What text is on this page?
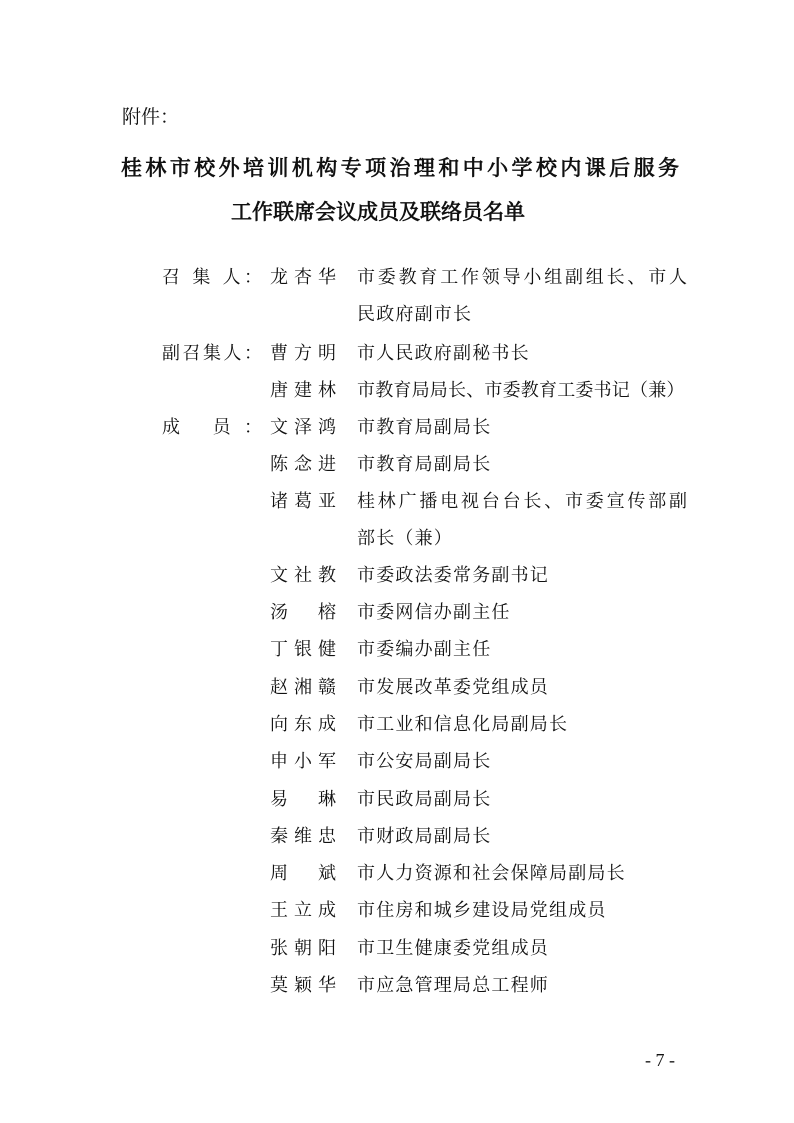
附件：
桂林市校外培训机构专项治理和中小学校内课后服务
工作联席会议成员及联络员名单
召 集 人： 龙杏华 市委教育工作领导小组副组长、市人
民政府副市长
副召集人： 曹方明 市人民政府副秘书长
唐建林 市教育局局长、市委教育工委书记（兼）
成 员： 文泽鸿 市教育局副局长
陈念进 市教育局副局长
诸葛亚 桂林广播电视台台长、市委宣传部副
部长（兼）
文社教 市委政法委常务副书记
汤 榕 市委网信办副主任
丁银健 市委编办副主任
赵湘赣 市发展改革委党组成员
向东成 市工业和信息化局副局长
申小军 市公安局副局长
易 琳 市民政局副局长
秦维忠 市财政局副局长
周 斌 市人力资源和社会保障局副局长
王立成 市住房和城乡建设局党组成员
张朝阳 市卫生健康委党组成员
莫颖华 市应急管理局总工程师
- 7 -
